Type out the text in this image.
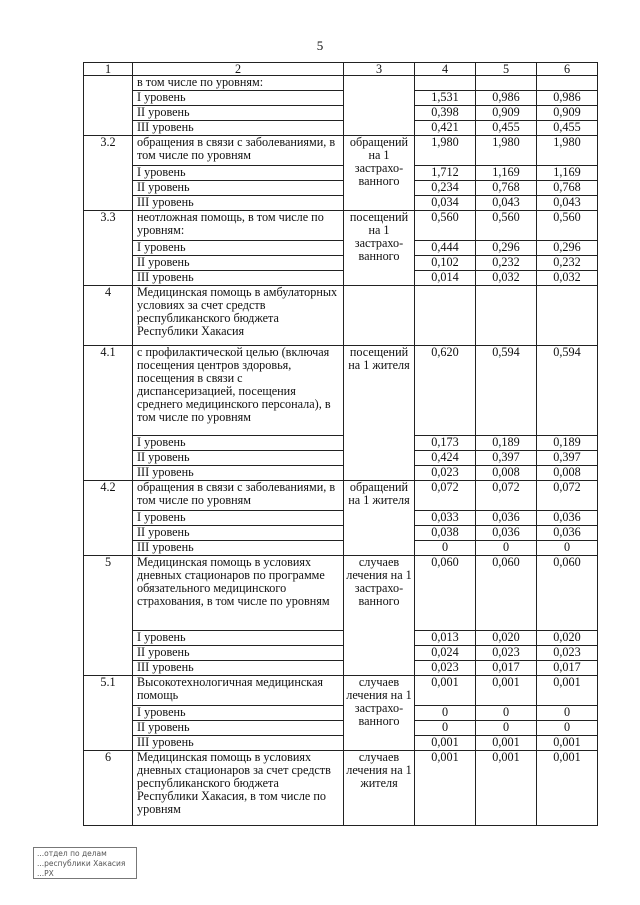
5
1	2	3	4	5	6
	в том числе по уровням:				
	I уровень		1,531	0,986	0,986
	II уровень		0,398	0,909	0,909
	III уровень		0,421	0,455	0,455
3.2	обращения в связи с заболеваниями, в том числе по уровням	обращений на 1 застрахо-ванного	1,980	1,980	1,980
	I уровень		1,712	1,169	1,169
	II уровень		0,234	0,768	0,768
	III уровень		0,034	0,043	0,043
3.3	неотложная помощь, в том числе по уровням:	посещений на 1 застрахо-ванного	0,560	0,560	0,560
	I уровень		0,444	0,296	0,296
	II уровень		0,102	0,232	0,232
	III уровень		0,014	0,032	0,032
4	Медицинская помощь в амбулаторных условиях за счет средств республиканского бюджета Республики Хакасия				
4.1	с профилактической целью (включая посещения центров здоровья, посещения в связи с диспансеризацией, посещения среднего медицинского персонала), в том числе по уровням	посещений на 1 жителя	0,620	0,594	0,594
	I уровень		0,173	0,189	0,189
	II уровень		0,424	0,397	0,397
	III уровень		0,023	0,008	0,008
4.2	обращения в связи с заболеваниями, в том числе по уровням	обращений на 1 жителя	0,072	0,072	0,072
	I уровень		0,033	0,036	0,036
	II уровень		0,038	0,036	0,036
	III уровень		0	0	0
5	Медицинская помощь в условиях дневных стационаров по программе обязательного медицинского страхования, в том числе по уровням	случаев лечения на 1 застрахо-ванного	0,060	0,060	0,060
	I уровень		0,013	0,020	0,020
	II уровень		0,024	0,023	0,023
	III уровень		0,023	0,017	0,017
5.1	Высокотехнологичная медицинская помощь	случаев лечения на 1 застрахо-ванного	0,001	0,001	0,001
	I уровень		0	0	0
	II уровень		0	0	0
	III уровень		0,001	0,001	0,001
6	Медицинская помощь в условиях дневных стационаров за счет средств республиканского бюджета Республики Хакасия, в том числе по уровням	случаев лечения на 1 жителя	0,001	0,001	0,001
...отдел по делам
...республики Хакасия
...РХ
